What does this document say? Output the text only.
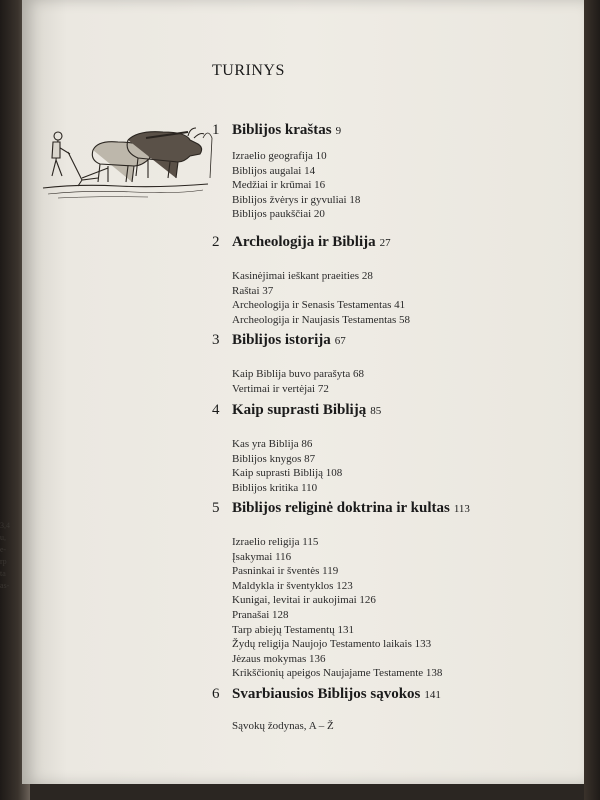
3,4
u,
e-
rp
ta
as-
TURINYS
1 Biblijos kraštas 9
Izraelio geografija 10
Biblijos augalai 14
Medžiai ir krūmai 16
Biblijos žvėrys ir gyvuliai 18
Biblijos paukščiai 20
2 Archeologija ir Biblija 27
Kasinėjimai ieškant praeities 28
Raštai 37
Archeologija ir Senasis Testamentas 41
Archeologija ir Naujasis Testamentas 58
3 Biblijos istorija 67
Kaip Biblija buvo parašyta 68
Vertimai ir vertėjai 72
4 Kaip suprasti Bibliją 85
Kas yra Biblija 86
Biblijos knygos 87
Kaip suprasti Bibliją 108
Biblijos kritika 110
5 Biblijos religinė doktrina ir kultas 113
Izraelio religija 115
Įsakymai 116
Pasninkai ir šventės 119
Maldykla ir šventyklos 123
Kunigai, levitai ir aukojimai 126
Pranašai 128
Tarp abiejų Testamentų 131
Žydų religija Naujojo Testamento laikais 133
Jėzaus mokymas 136
Krikščionių apeigos Naujajame Testamente 138
6 Svarbiausios Biblijos sąvokos 141
Sąvokų žodynas, A – Ž
